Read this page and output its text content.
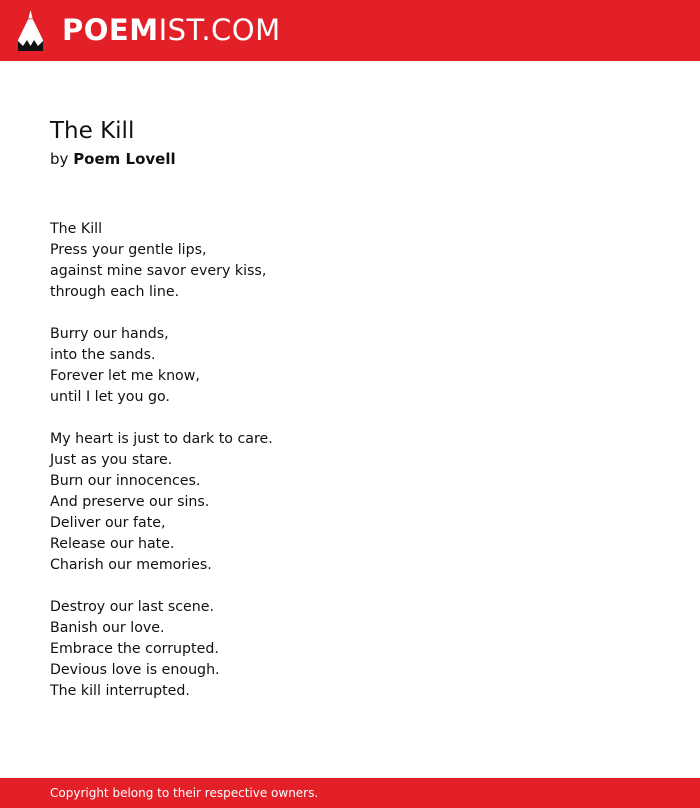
POEMIST.COM
The Kill
by Poem Lovell
The Kill
Press your gentle lips,
against mine savor every kiss,
through each line.

Burry our hands,
into the sands.
Forever let me know,
until I let you go.

My heart is just to dark to care.
Just as you stare.
Burn our innocences.
And preserve our sins.
Deliver our fate,
Release our hate.
Charish our memories.

Destroy our last scene.
Banish our love.
Embrace the corrupted.
Devious love is enough.
The kill interrupted.
Copyright belong to their respective owners.
